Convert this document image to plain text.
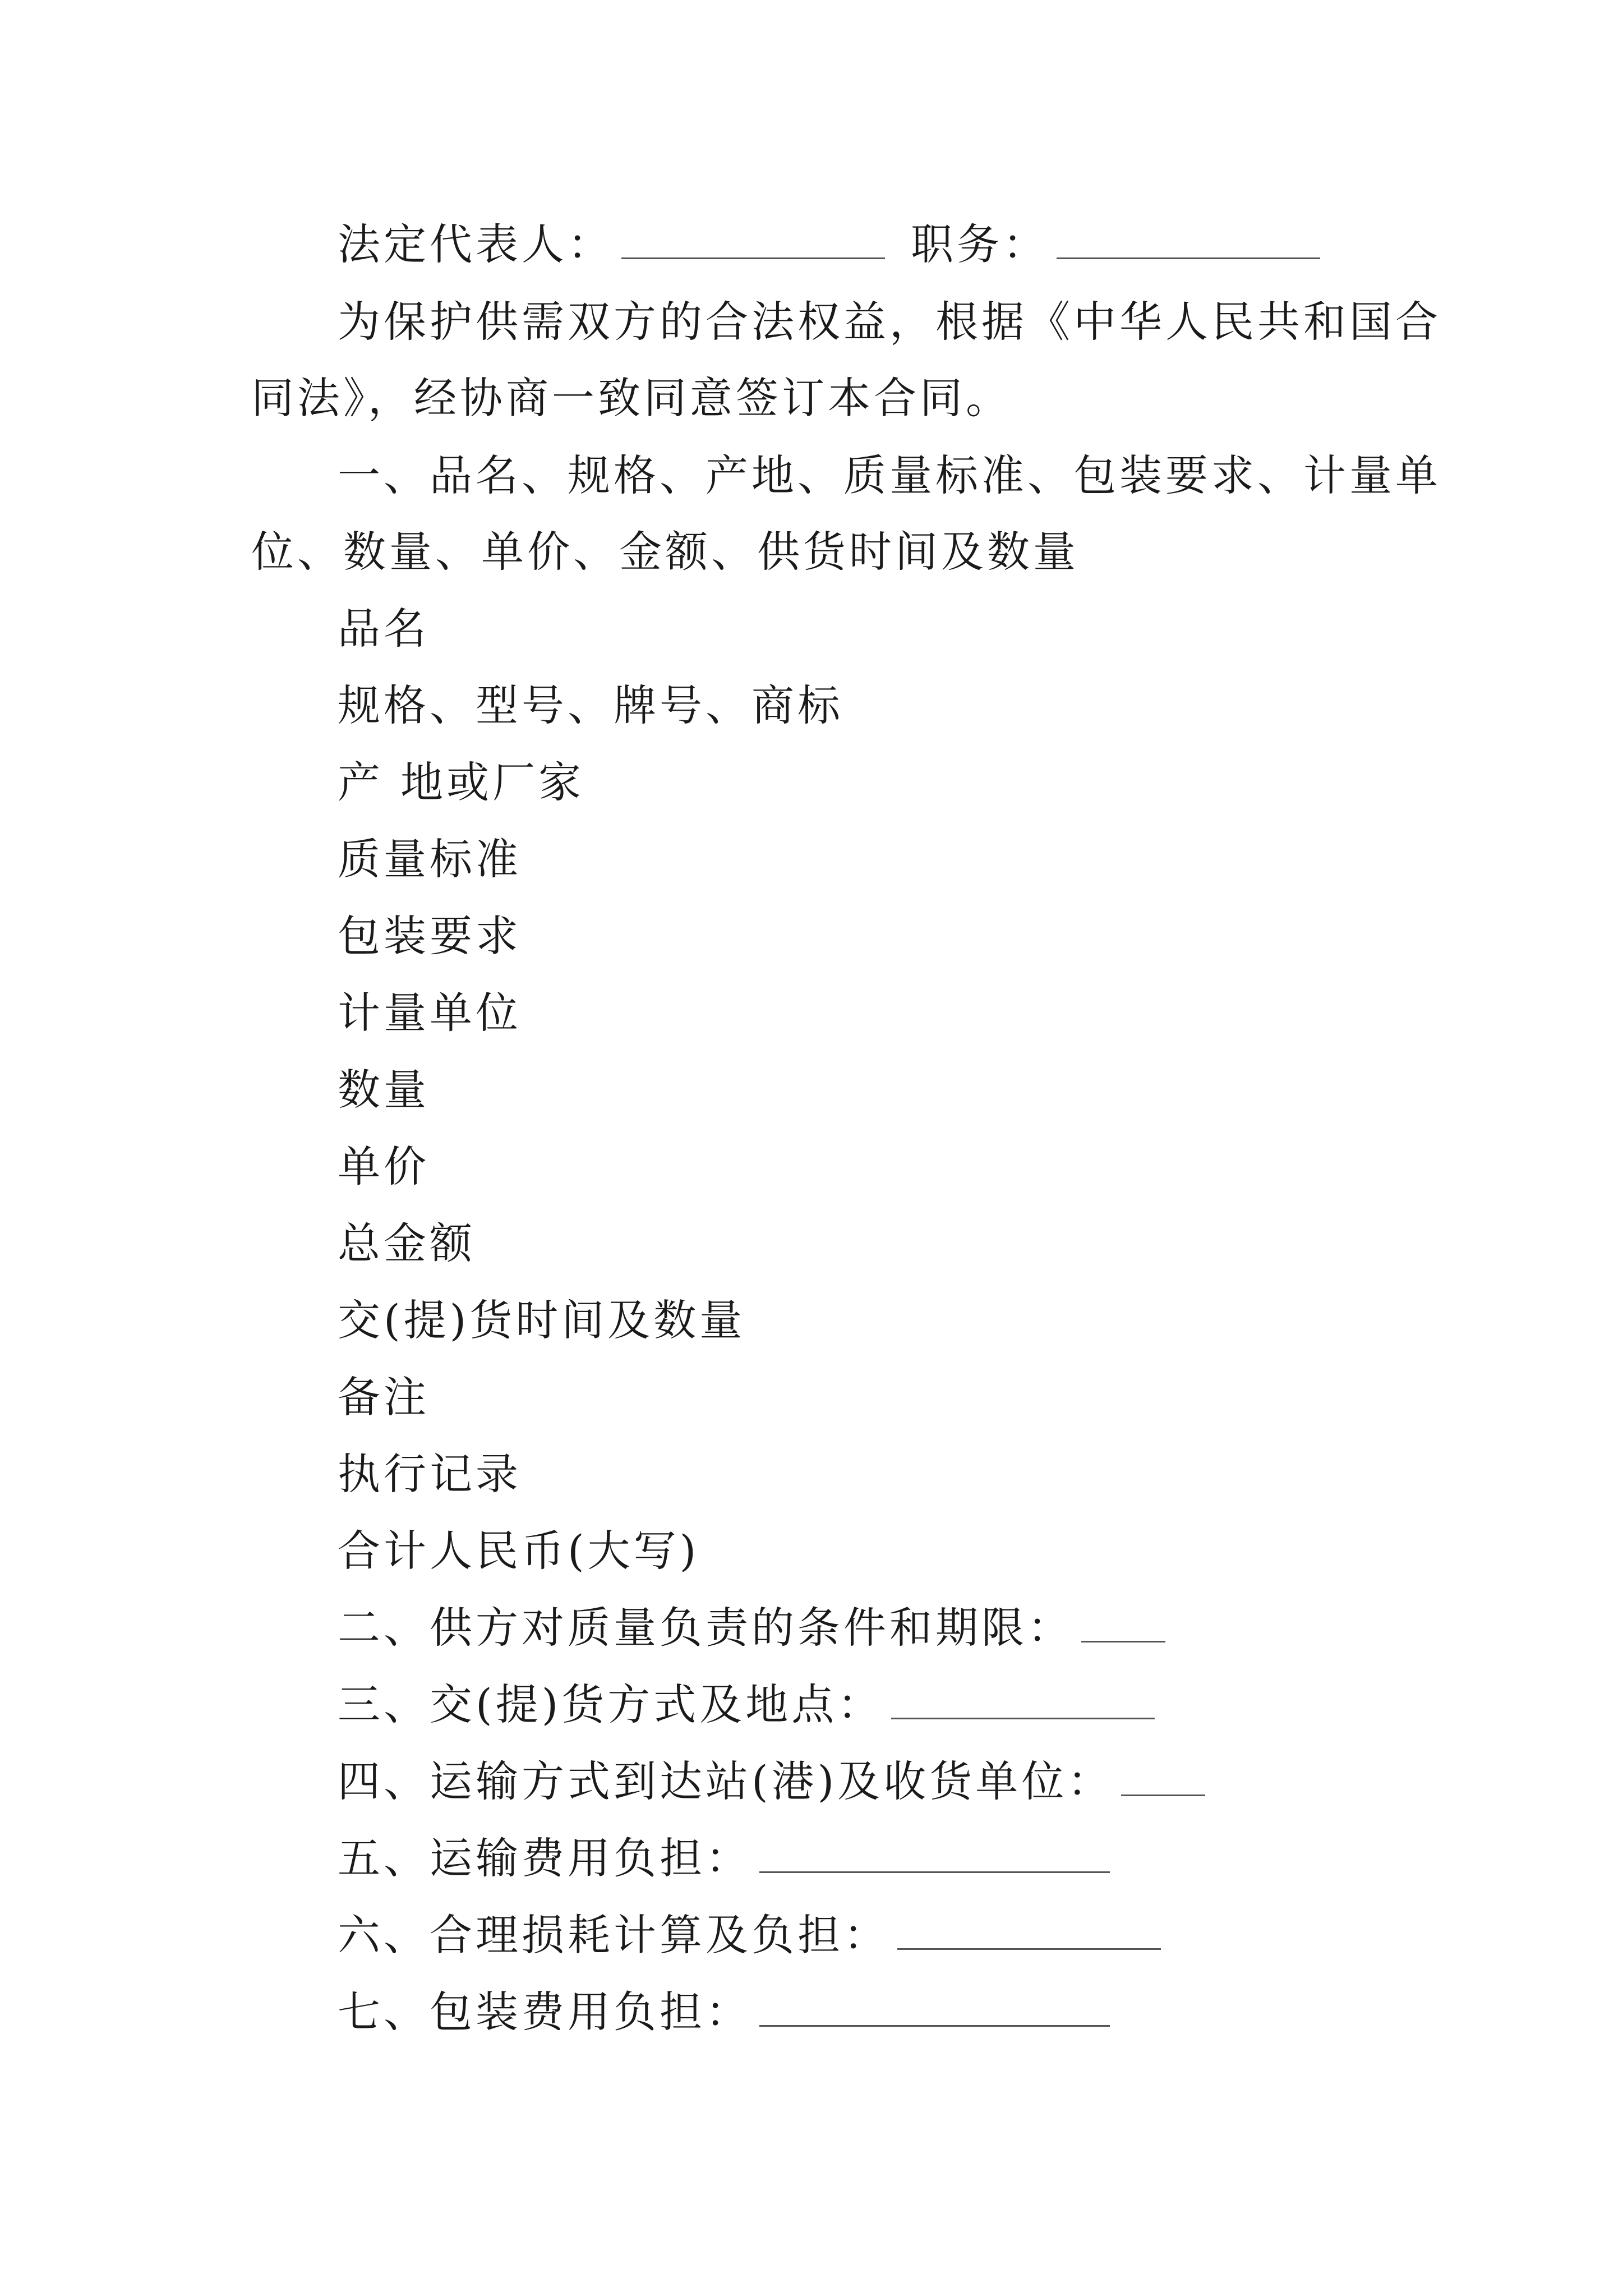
法定代表人：	职务：
为保护供需双方的合法权益，根据《中华人民共和国合
同法》，经协商一致同意签订本合同。
一、品名、规格、产地、质量标准、包装要求、计量单
位、数量、单价、金额、供货时间及数量
品名
规格、型号、牌号、商标
产 地或厂家
质量标准
包装要求
计量单位
数量
单价
总金额
交(提)货时间及数量
备注
执行记录
合计人民币(大写)
二、供方对质量负责的条件和期限：
三、交(提)货方式及地点：
四、运输方式到达站(港)及收货单位：
五、运输费用负担：
六、合理损耗计算及负担：
七、包装费用负担：
